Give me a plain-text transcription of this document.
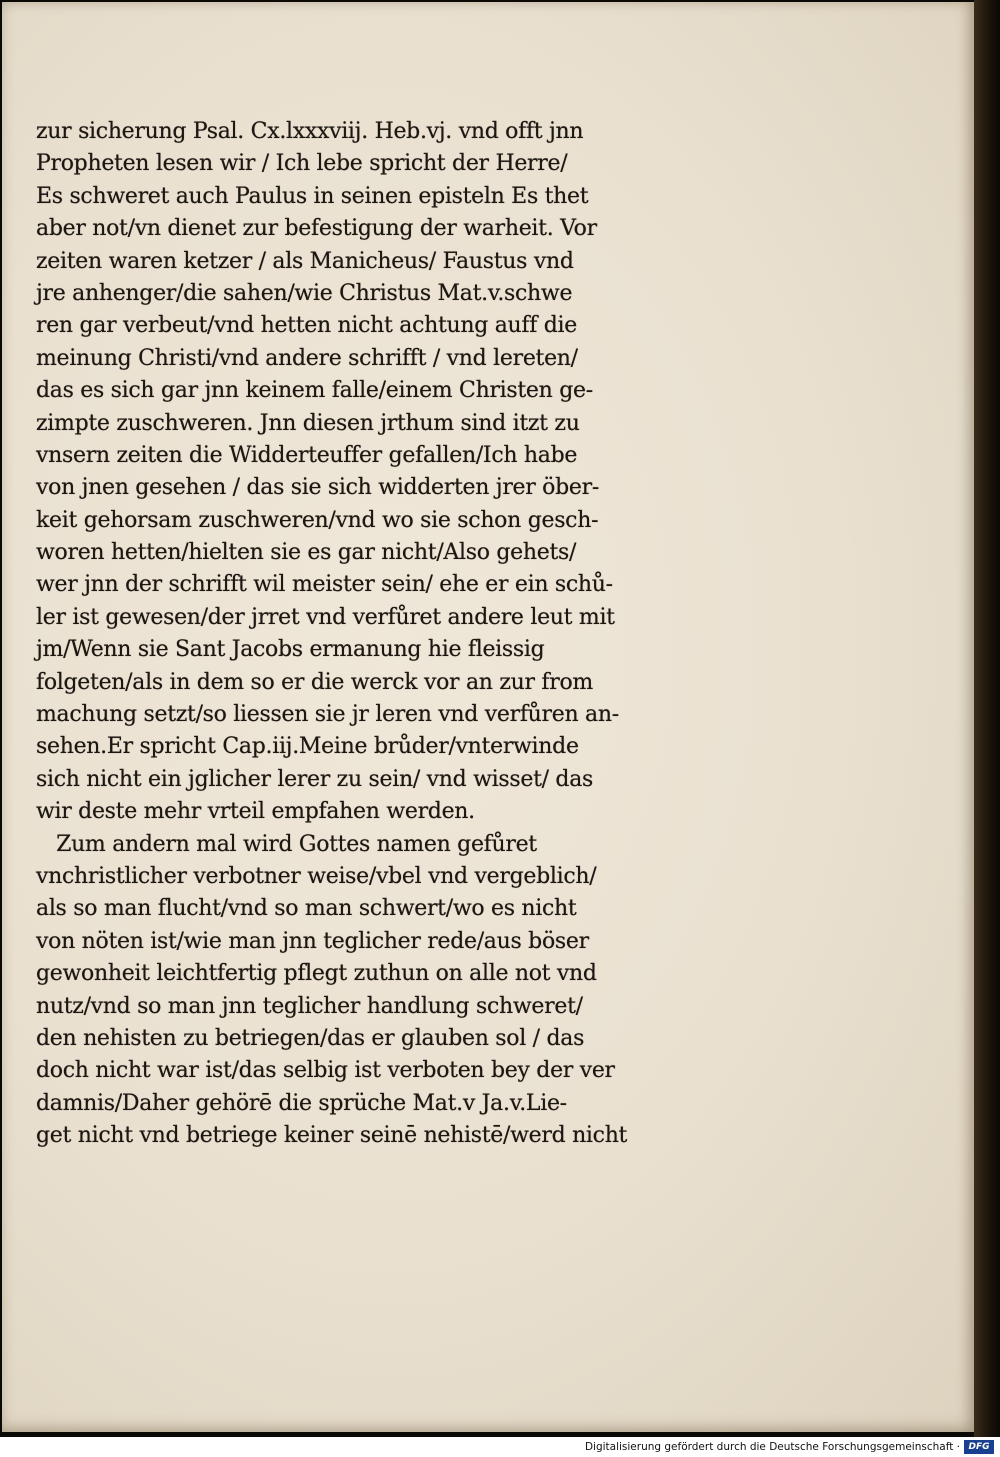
zur sicherung Psal. Cx.lxxxviij. Heb.vj. vnd offt jnn
Propheten lesen wir / Ich lebe spricht der Herre/
Es schweret auch Paulus in seinen episteln Es thet
aber not/vn dienet zur befestigung der warheit. Vor
zeiten waren ketzer / als Manicheus/ Faustus vnd
jre anhenger/die sahen/wie Christus Mat.v.schwe
ren gar verbeut/vnd hetten nicht achtung auff die
meinung Christi/vnd andere schrifft / vnd lereten/
das es sich gar jnn keinem falle/einem Christen ge-
zimpte zuschweren. Jnn diesen jrthum sind itzt zu
vnsern zeiten die Widderteuffer gefallen/Ich habe
von jnen gesehen / das sie sich widderten jrer öber-
keit gehorsam zuschweren/vnd wo sie schon gesch-
woren hetten/hielten sie es gar nicht/Also gehets/
wer jnn der schrifft wil meister sein/ ehe er ein schů-
ler ist gewesen/der jrret vnd verfůret andere leut mit
jm/Wenn sie Sant Jacobs ermanung hie fleissig
folgeten/als in dem so er die werck vor an zur from
machung setzt/so liessen sie jr leren vnd verfůren an-
sehen.Er spricht Cap.iij.Meine brůder/vnterwinde
sich nicht ein jglicher lerer zu sein/ vnd wisset/ das
wir deste mehr vrteil empfahen werden.
Zum andern mal wird Gottes namen gefůret
vnchristlicher verbotner weise/vbel vnd vergeblich/
als so man flucht/vnd so man schwert/wo es nicht
von nöten ist/wie man jnn teglicher rede/aus böser
gewonheit leichtfertig pflegt zuthun on alle not vnd
nutz/vnd so man jnn teglicher handlung schweret/
den nehisten zu betriegen/das er glauben sol / das
doch nicht war ist/das selbig ist verboten bey der ver
damnis/Daher gehörē die sprüche Mat.v Ja.v.Lie-
get nicht vnd betriege keiner seinē nehistē/werd nicht
Digitalisierung gefördert durch die Deutsche Forschungsgemeinschaft · DFG
